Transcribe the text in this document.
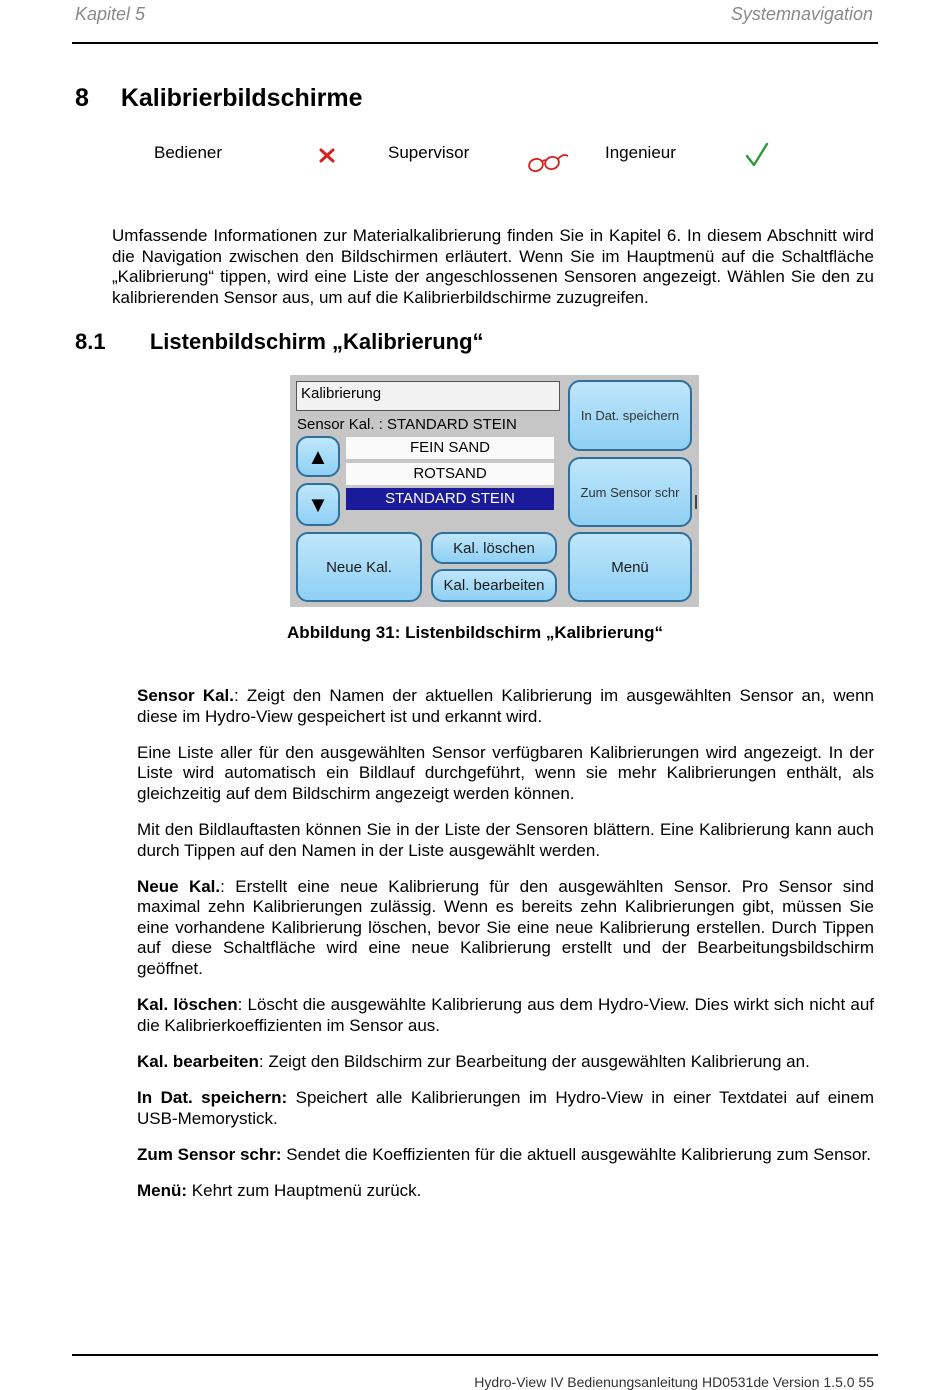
Kapitel 5	Systemnavigation
8 Kalibrierbildschirme
Bediener	Supervisor	Ingenieur

Umfassende Informationen zur Materialkalibrierung finden Sie in Kapitel 6. In diesem Abschnitt wird die Navigation zwischen den Bildschirmen erläutert. Wenn Sie im Hauptmenü auf die Schaltfläche „Kalibrierung“ tippen, wird eine Liste der angeschlossenen Sensoren angezeigt. Wählen Sie den zu kalibrierenden Sensor aus, um auf die Kalibrierbildschirme zuzugreifen.

8.1 Listenbildschirm „Kalibrierung“
Kalibrierung
Sensor Kal. : STANDARD STEIN
▲
▼
FEIN SAND
ROTSAND
STANDARD STEIN
In Dat. speichern
Zum Sensor schr
Neue Kal.
Kal. löschen
Kal. bearbeiten
Menü
Abbildung 31: Listenbildschirm „Kalibrierung“

Sensor Kal.: Zeigt den Namen der aktuellen Kalibrierung im ausgewählten Sensor an, wenn diese im Hydro-View gespeichert ist und erkannt wird.

Eine Liste aller für den ausgewählten Sensor verfügbaren Kalibrierungen wird angezeigt. In der Liste wird automatisch ein Bildlauf durchgeführt, wenn sie mehr Kalibrierungen enthält, als gleichzeitig auf dem Bildschirm angezeigt werden können.

Mit den Bildlauftasten können Sie in der Liste der Sensoren blättern. Eine Kalibrierung kann auch durch Tippen auf den Namen in der Liste ausgewählt werden.

Neue Kal.: Erstellt eine neue Kalibrierung für den ausgewählten Sensor. Pro Sensor sind maximal zehn Kalibrierungen zulässig. Wenn es bereits zehn Kalibrierungen gibt, müssen Sie eine vorhandene Kalibrierung löschen, bevor Sie eine neue Kalibrierung erstellen. Durch Tippen auf diese Schaltfläche wird eine neue Kalibrierung erstellt und der Bearbeitungsbildschirm geöffnet.

Kal. löschen: Löscht die ausgewählte Kalibrierung aus dem Hydro-View. Dies wirkt sich nicht auf die Kalibrierkoeffizienten im Sensor aus.

Kal. bearbeiten: Zeigt den Bildschirm zur Bearbeitung der ausgewählten Kalibrierung an.

In Dat. speichern: Speichert alle Kalibrierungen im Hydro-View in einer Textdatei auf einem USB-Memorystick.

Zum Sensor schr: Sendet die Koeffizienten für die aktuell ausgewählte Kalibrierung zum Sensor.

Menü: Kehrt zum Hauptmenü zurück.

Hydro-View IV Bedienungsanleitung HD0531de Version 1.5.0 55
